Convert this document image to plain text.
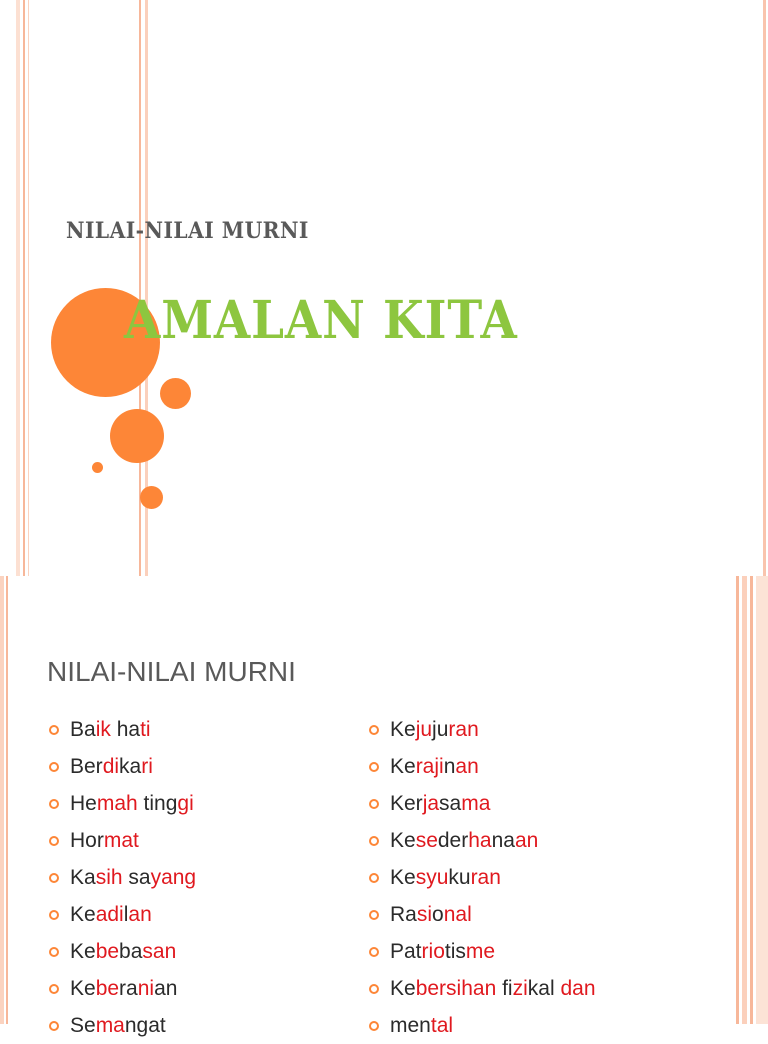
NILAI-NILAI MURNI
AMALAN KITA
NILAI-NILAI MURNI
Baik hati
Berdikari
Hemah tinggi
Hormat
Kasih sayang
Keadilan
Kebebasan
Keberanian
Semangat
Kejujuran
Kerajinan
Kerjasama
Kesederhanaan
Kesyukuran
Rasional
Patriotisme
Kebersihan fizikal dan
mental
